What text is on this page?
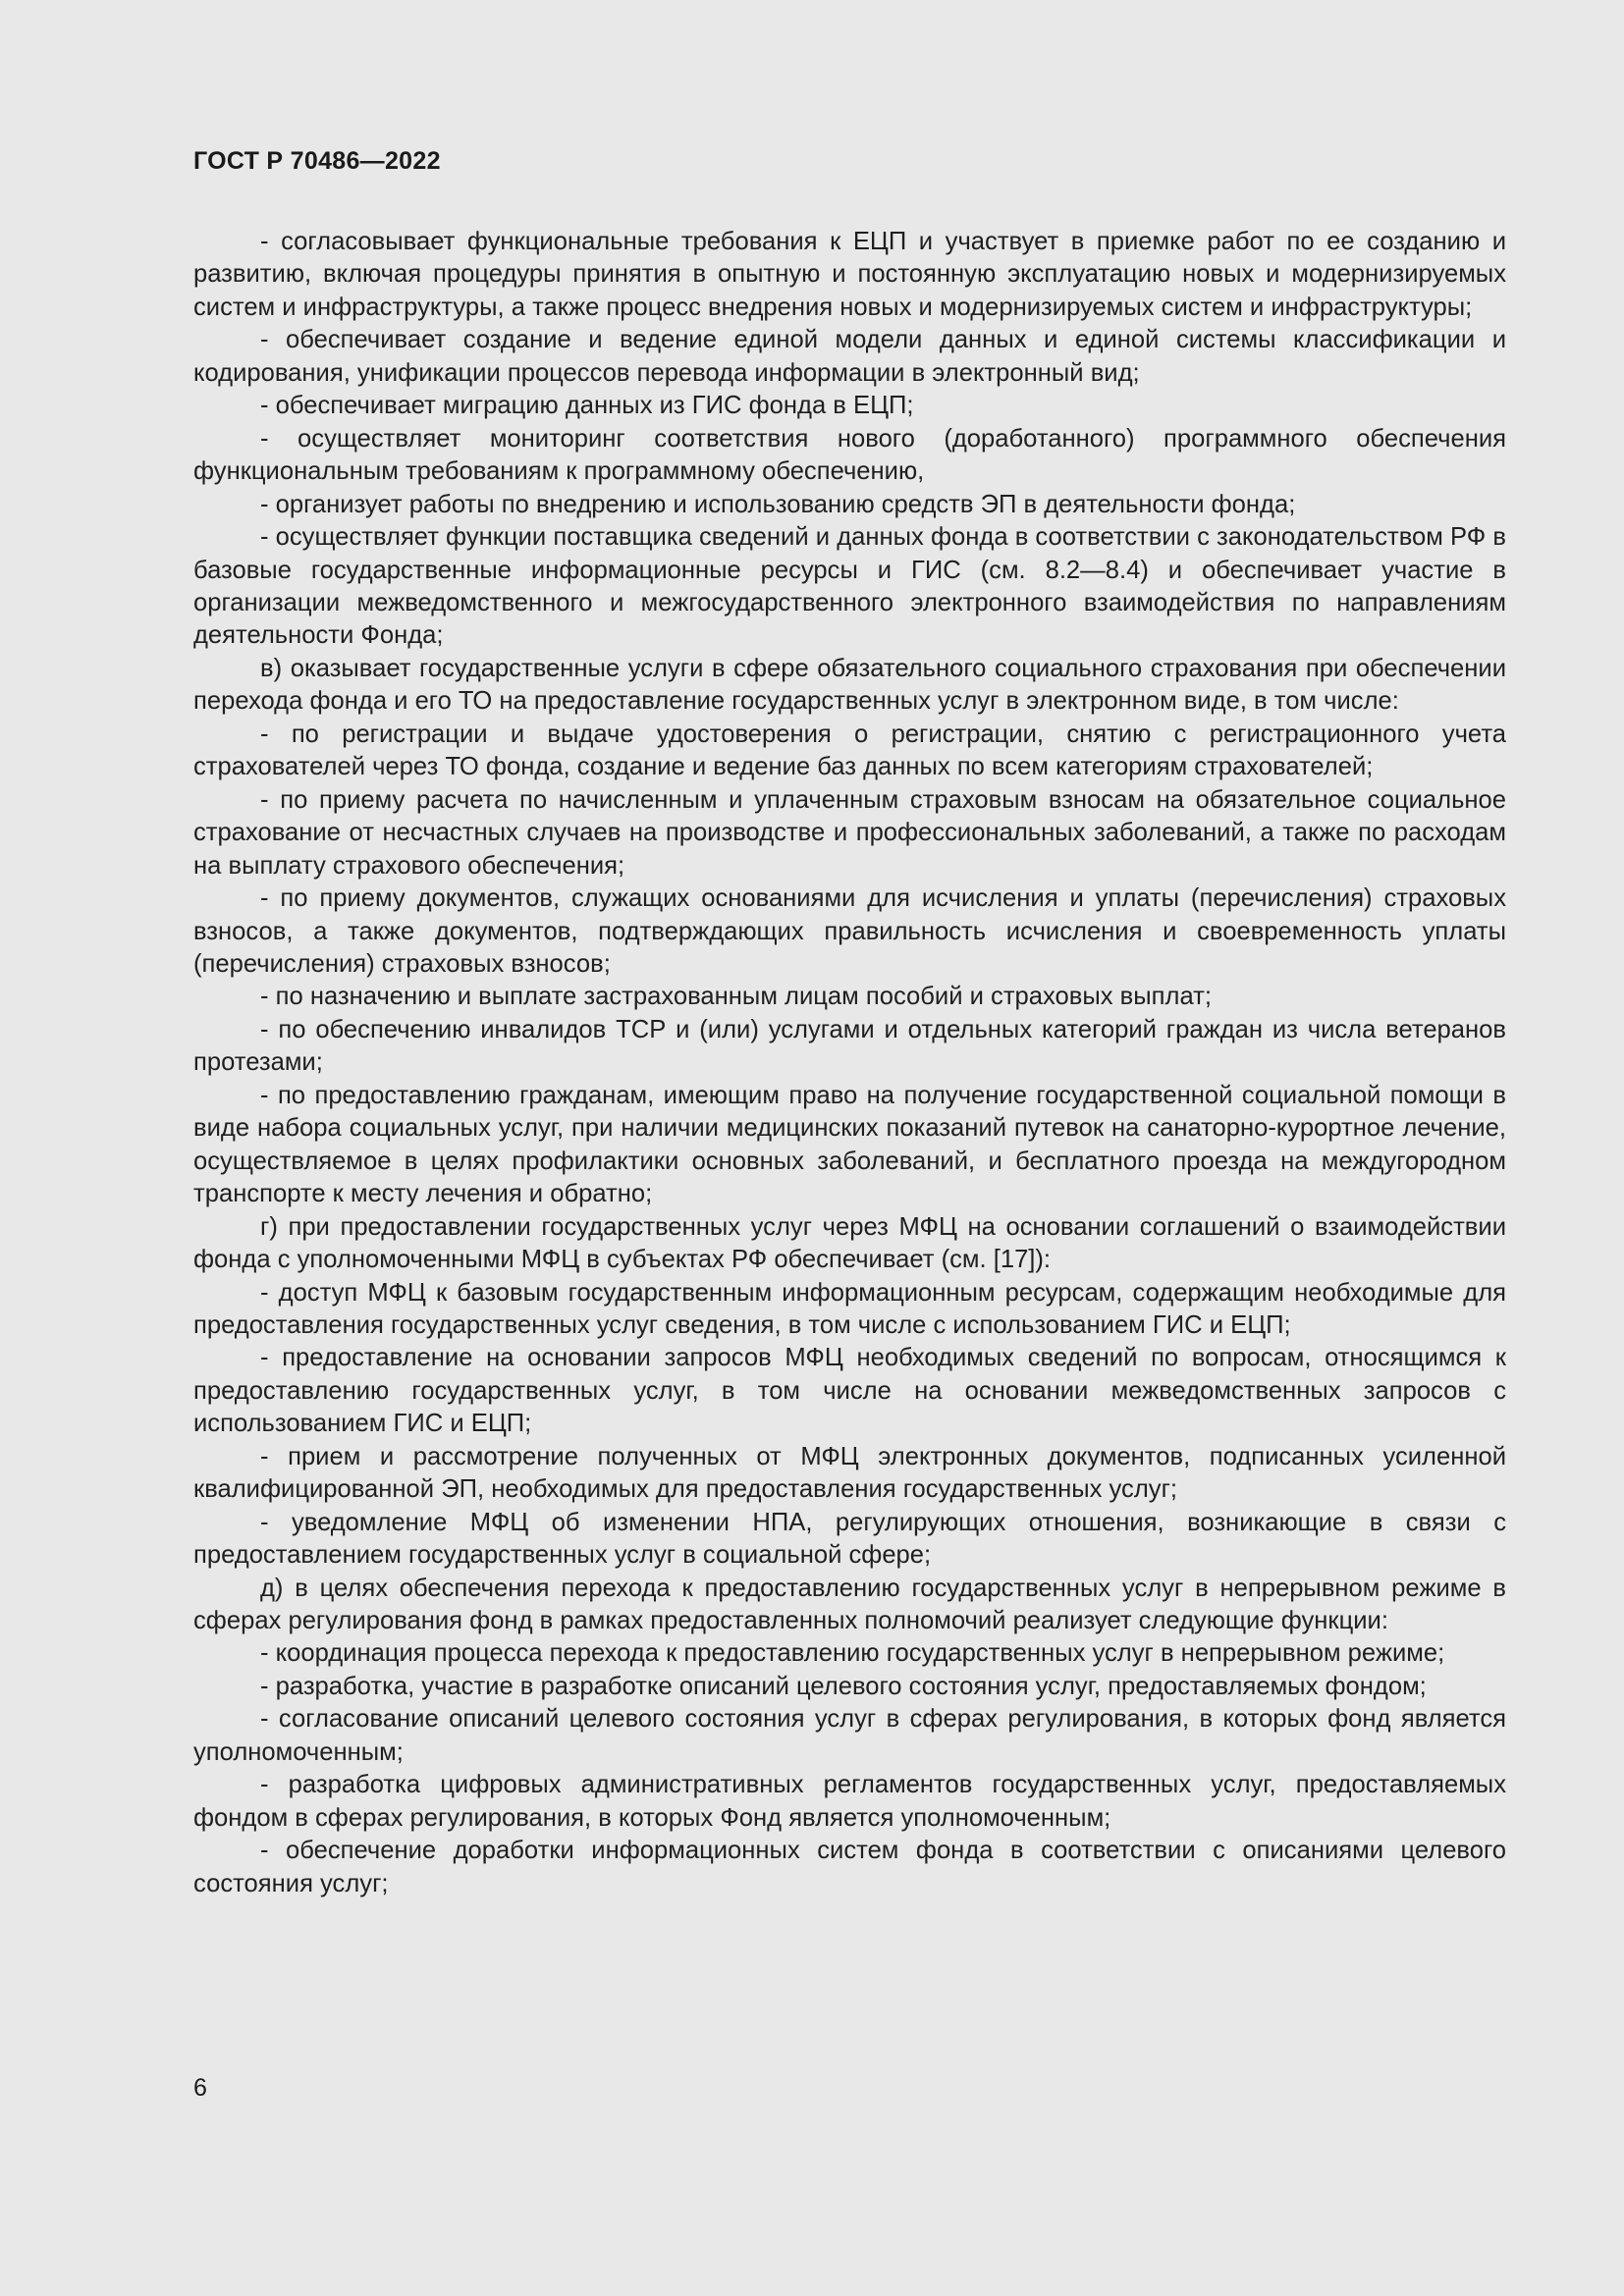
ГОСТ Р 70486—2022

- согласовывает функциональные требования к ЕЦП и участвует в приемке работ по ее созданию и развитию, включая процедуры принятия в опытную и постоянную эксплуатацию новых и модернизируемых систем и инфраструктуры, а также процесс внедрения новых и модернизируемых систем и инфраструктуры;

- обеспечивает создание и ведение единой модели данных и единой системы классификации и кодирования, унификации процессов перевода информации в электронный вид;

- обеспечивает миграцию данных из ГИС фонда в ЕЦП;

- осуществляет мониторинг соответствия нового (доработанного) программного обеспечения функциональным требованиям к программному обеспечению,

- организует работы по внедрению и использованию средств ЭП в деятельности фонда;

- осуществляет функции поставщика сведений и данных фонда в соответствии с законодательством РФ в базовые государственные информационные ресурсы и ГИС (см. 8.2—8.4) и обеспечивает участие в организации межведомственного и межгосударственного электронного взаимодействия по направлениям деятельности Фонда;

в) оказывает государственные услуги в сфере обязательного социального страхования при обеспечении перехода фонда и его ТО на предоставление государственных услуг в электронном виде, в том числе:

- по регистрации и выдаче удостоверения о регистрации, снятию с регистрационного учета страхователей через ТО фонда, создание и ведение баз данных по всем категориям страхователей;

- по приему расчета по начисленным и уплаченным страховым взносам на обязательное социальное страхование от несчастных случаев на производстве и профессиональных заболеваний, а также по расходам на выплату страхового обеспечения;

- по приему документов, служащих основаниями для исчисления и уплаты (перечисления) страховых взносов, а также документов, подтверждающих правильность исчисления и своевременность уплаты (перечисления) страховых взносов;

- по назначению и выплате застрахованным лицам пособий и страховых выплат;

- по обеспечению инвалидов ТСР и (или) услугами и отдельных категорий граждан из числа ветеранов протезами;

- по предоставлению гражданам, имеющим право на получение государственной социальной помощи в виде набора социальных услуг, при наличии медицинских показаний путевок на санаторно-курортное лечение, осуществляемое в целях профилактики основных заболеваний, и бесплатного проезда на междугородном транспорте к месту лечения и обратно;

г) при предоставлении государственных услуг через МФЦ на основании соглашений о взаимодействии фонда с уполномоченными МФЦ в субъектах РФ обеспечивает (см. [17]):

- доступ МФЦ к базовым государственным информационным ресурсам, содержащим необходимые для предоставления государственных услуг сведения, в том числе с использованием ГИС и ЕЦП;

- предоставление на основании запросов МФЦ необходимых сведений по вопросам, относящимся к предоставлению государственных услуг, в том числе на основании межведомственных запросов с использованием ГИС и ЕЦП;

- прием и рассмотрение полученных от МФЦ электронных документов, подписанных усиленной квалифицированной ЭП, необходимых для предоставления государственных услуг;

- уведомление МФЦ об изменении НПА, регулирующих отношения, возникающие в связи с предоставлением государственных услуг в социальной сфере;

д) в целях обеспечения перехода к предоставлению государственных услуг в непрерывном режиме в сферах регулирования фонд в рамках предоставленных полномочий реализует следующие функции:

- координация процесса перехода к предоставлению государственных услуг в непрерывном режиме;

- разработка, участие в разработке описаний целевого состояния услуг, предоставляемых фондом;

- согласование описаний целевого состояния услуг в сферах регулирования, в которых фонд является уполномоченным;

- разработка цифровых административных регламентов государственных услуг, предоставляемых фондом в сферах регулирования, в которых Фонд является уполномоченным;

- обеспечение доработки информационных систем фонда в соответствии с описаниями целевого состояния услуг;

6
